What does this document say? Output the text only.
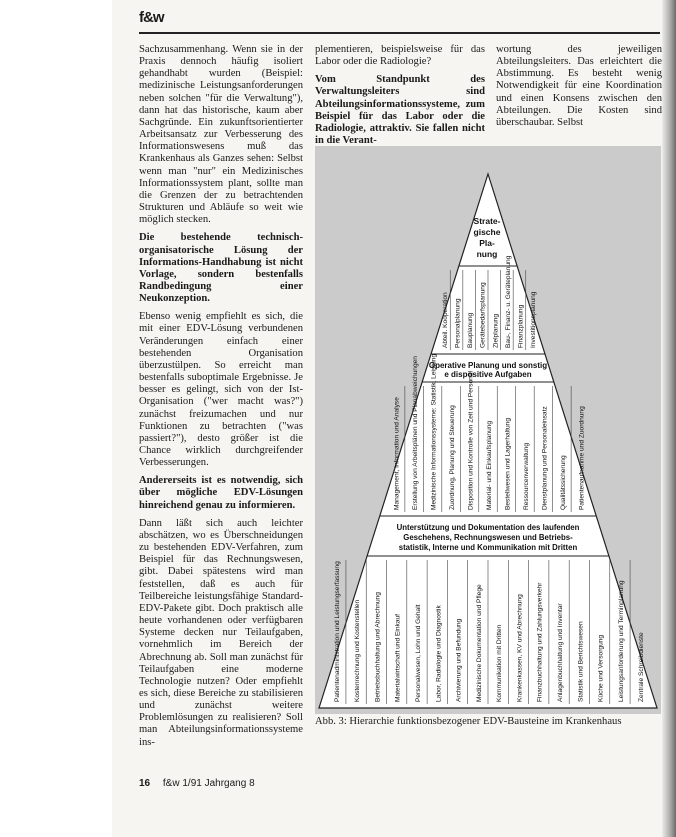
f&w

Sachzusammenhang. Wenn sie in der Praxis dennoch häufig isoliert gehandhabt wurden (Beispiel: medizinische Leistungsanforderungen neben solchen "für die Verwaltung"), dann hat das historische, kaum aber Sachgründe. Ein zukunftsorientierter Arbeitsansatz zur Verbesserung des Informationswesens muß das Krankenhaus als Ganzes sehen: Selbst wenn man "nur" ein Medizinisches Informationssystem plant, sollte man die Grenzen der zu betrachtenden Strukturen und Abläufe so weit wie möglich stecken.

Die bestehende technisch-organisatorische Lösung der Informations-Handhabung ist nicht Vorlage, sondern bestenfalls Randbedingung einer Neukonzeption.

Ebenso wenig empfiehlt es sich, die mit einer EDV-Lösung verbundenen Veränderungen einfach einer bestehenden Organisation überzustülpen. So erreicht man bestenfalls suboptimale Ergebnisse. Je besser es gelingt, sich von der Ist-Organisation ("wer macht was?") zunächst freizumachen und nur Funktionen zu betrachten ("was passiert?"), desto größer ist die Chance wirklich durchgreifender Verbesserungen.

Andererseits ist es notwendig, sich über mögliche EDV-Lösungen hinreichend genau zu informieren.

Dann läßt sich auch leichter abschätzen, wo es Überschneidungen zu bestehenden EDV-Verfahren, zum Beispiel für das Rechnungswesen, gibt. Dabei spätestens wird man feststellen, daß es auch für Teilbereiche leistungsfähige Standard-EDV-Pakete gibt. Doch praktisch alle heute vorhandenen oder verfügbaren Systeme decken nur Teilaufgaben, vornehmlich im Bereich der Abrechnung ab. Soll man zunächst für Teilaufgaben eine moderne Technologie nutzen? Oder empfiehlt es sich, diese Bereiche zu stabilisieren und zunächst weitere Problemlösungen zu realisieren? Soll man Abteilungsinformationssysteme ins-

plementieren, beispielsweise für das Labor oder die Radiologie?

Vom Standpunkt des Verwaltungsleiters sind Abteilungsinformationssysteme, zum Beispiel für das Labor oder die Radiologie, attraktiv. Sie fallen nicht in die Verant-

wortung des jeweiligen Abteilungsleiters. Das erleichtert die Abstimmung. Es besteht wenig Notwendigkeit für eine Koordination und einen Konsens zwischen den Abteilungen. Die Kosten sind überschaubar. Selbst

Strate-
gische
Pla-
nung
Operative Planung und sonstig
e dispositive Aufgaben
Unterstützung und Dokumentation des laufenden
Geschehens, Rechnungswesen und Betriebs-
statistik, Interne und Kommunikation mit Dritten
Abteil. Kooperation Personalplanung Bauplanung Gerätebedarfsplanung Zielplanung Bau-, Finanz- u. Geräteplanung Finanzplanung Investitionsplanung
Management, Information und Analyse Erstellung von Arbeitsplänen und Planabweichungen Medizinische Informationssysteme: Statistik, Leistung Zuordnung, Planung und Steuerung Disposition und Kontrolle von Zeit und Personal Material- und Einkaufsplanung Bestellwesen und Lagerhaltung Ressourcenverwaltung Dienstplanung und Personaleinsatz Qualitätssicherung Patientenaufnahme und Zuordnung
Patientenadministration und Leistungserfassung Kostenrechnung und Kostenstellen Betriebsbuchhaltung und Abrechnung Materialwirtschaft und Einkauf Personalwesen, Lohn und Gehalt Labor, Radiologie und Diagnostik Archivierung und Befundung Medizinische Dokumentation und Pflege Kommunikation mit Dritten Krankenkassen, KV und Abrechnung Finanzbuchhaltung und Zahlungsverkehr Anlagenbuchhaltung und Inventar Statistik und Berichtswesen Küche und Versorgung Leistungsanforderung und Terminplanung Zentrale Schreibdienste
Abb. 3: Hierarchie funktionsbezogener EDV-Bausteine im Krankenhaus
16 f&w 1/91 Jahrgang 8
